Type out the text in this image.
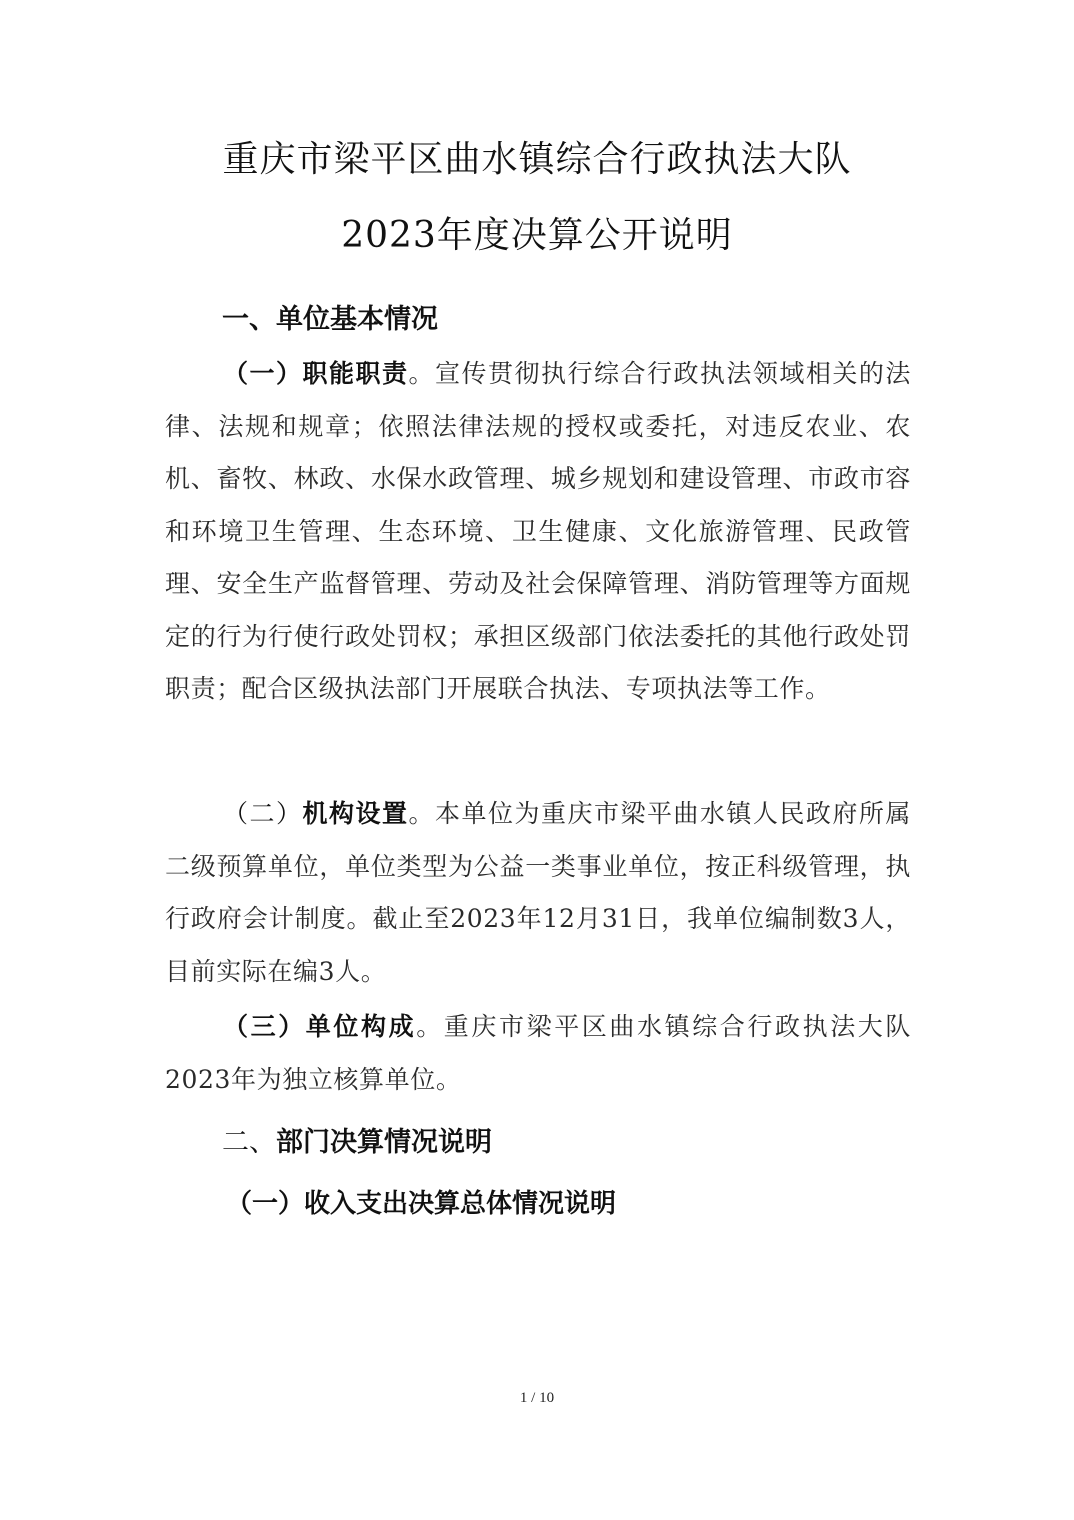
重庆市梁平区曲水镇综合行政执法大队
2023年度决算公开说明
一、单位基本情况
（一）职能职责。宣传贯彻执行综合行政执法领域相关的法律、法规和规章；依照法律法规的授权或委托，对违反农业、农机、畜牧、林政、水保水政管理、城乡规划和建设管理、市政市容和环境卫生管理、生态环境、卫生健康、文化旅游管理、民政管理、安全生产监督管理、劳动及社会保障管理、消防管理等方面规定的行为行使行政处罚权；承担区级部门依法委托的其他行政处罚职责；配合区级执法部门开展联合执法、专项执法等工作。
（二）机构设置。本单位为重庆市梁平曲水镇人民政府所属二级预算单位，单位类型为公益一类事业单位，按正科级管理，执行政府会计制度。截止至2023年12月31日，我单位编制数3人，目前实际在编3人。
（三）单位构成。重庆市梁平区曲水镇综合行政执法大队2023年为独立核算单位。
二、部门决算情况说明
（一）收入支出决算总体情况说明
1 / 10
